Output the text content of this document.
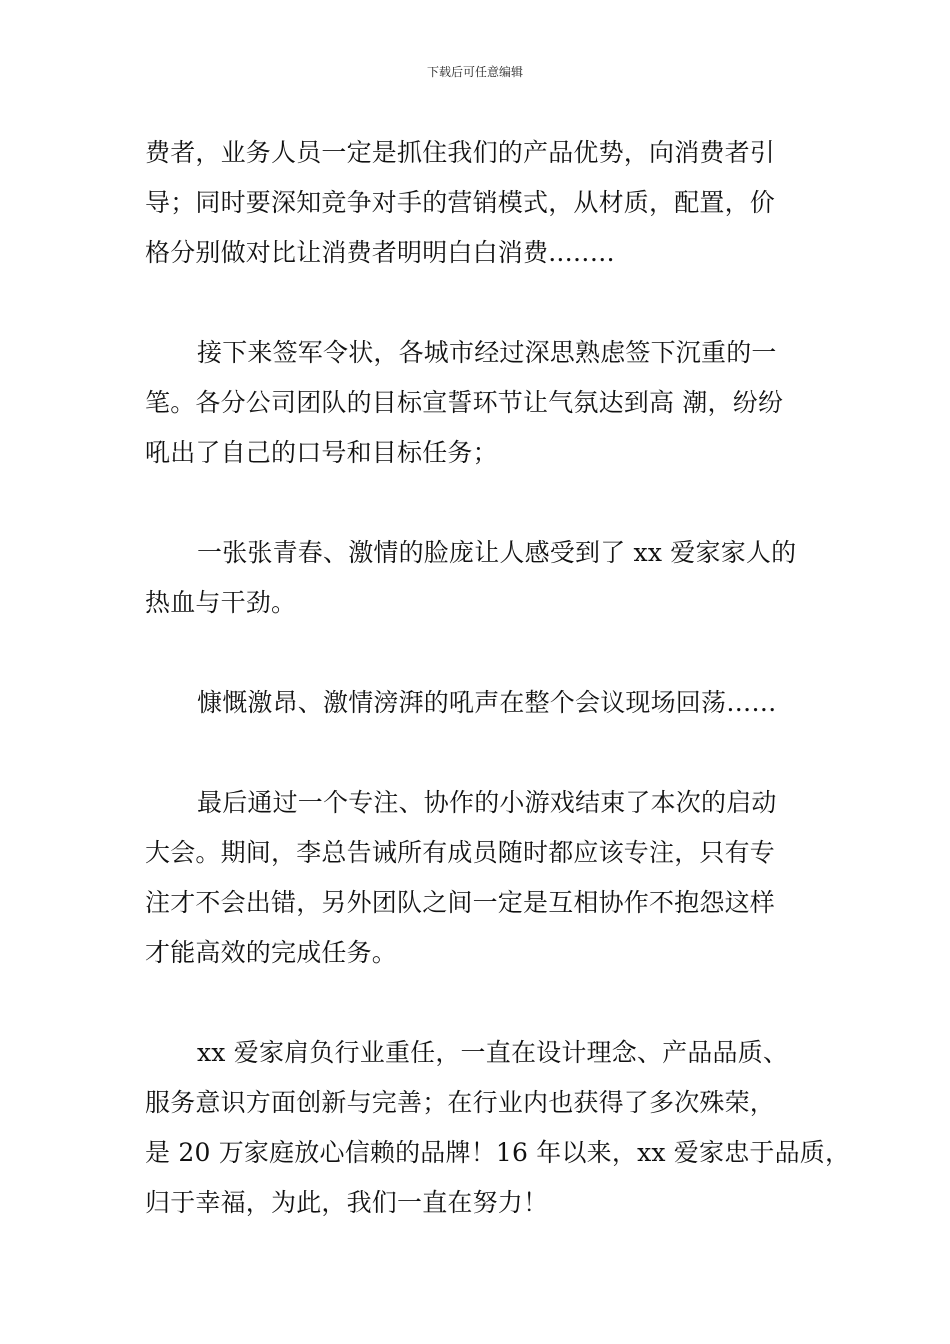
下载后可任意编辑

费者，业务人员一定是抓住我们的产品优势，向消费者引
导；同时要深知竞争对手的营销模式，从材质，配置，价
格分别做对比让消费者明明白白消费..……

接下来签军令状，各城市经过深思熟虑签下沉重的一
笔。各分公司团队的目标宣誓环节让气氛达到高 潮，纷纷
吼出了自己的口号和目标任务；

一张张青春、激情的脸庞让人感受到了 xx 爱家家人的
热血与干劲。

慷慨激昂、激情滂湃的吼声在整个会议现场回荡……

最后通过一个专注、协作的小游戏结束了本次的启动
大会。期间，李总告诫所有成员随时都应该专注，只有专
注才不会出错，另外团队之间一定是互相协作不抱怨这样
才能高效的完成任务。

xx 爱家肩负行业重任，一直在设计理念、产品品质、
服务意识方面创新与完善；在行业内也获得了多次殊荣，
是 20 万家庭放心信赖的品牌！16 年以来，xx 爱家忠于品质，
归于幸福，为此，我们一直在努力！
